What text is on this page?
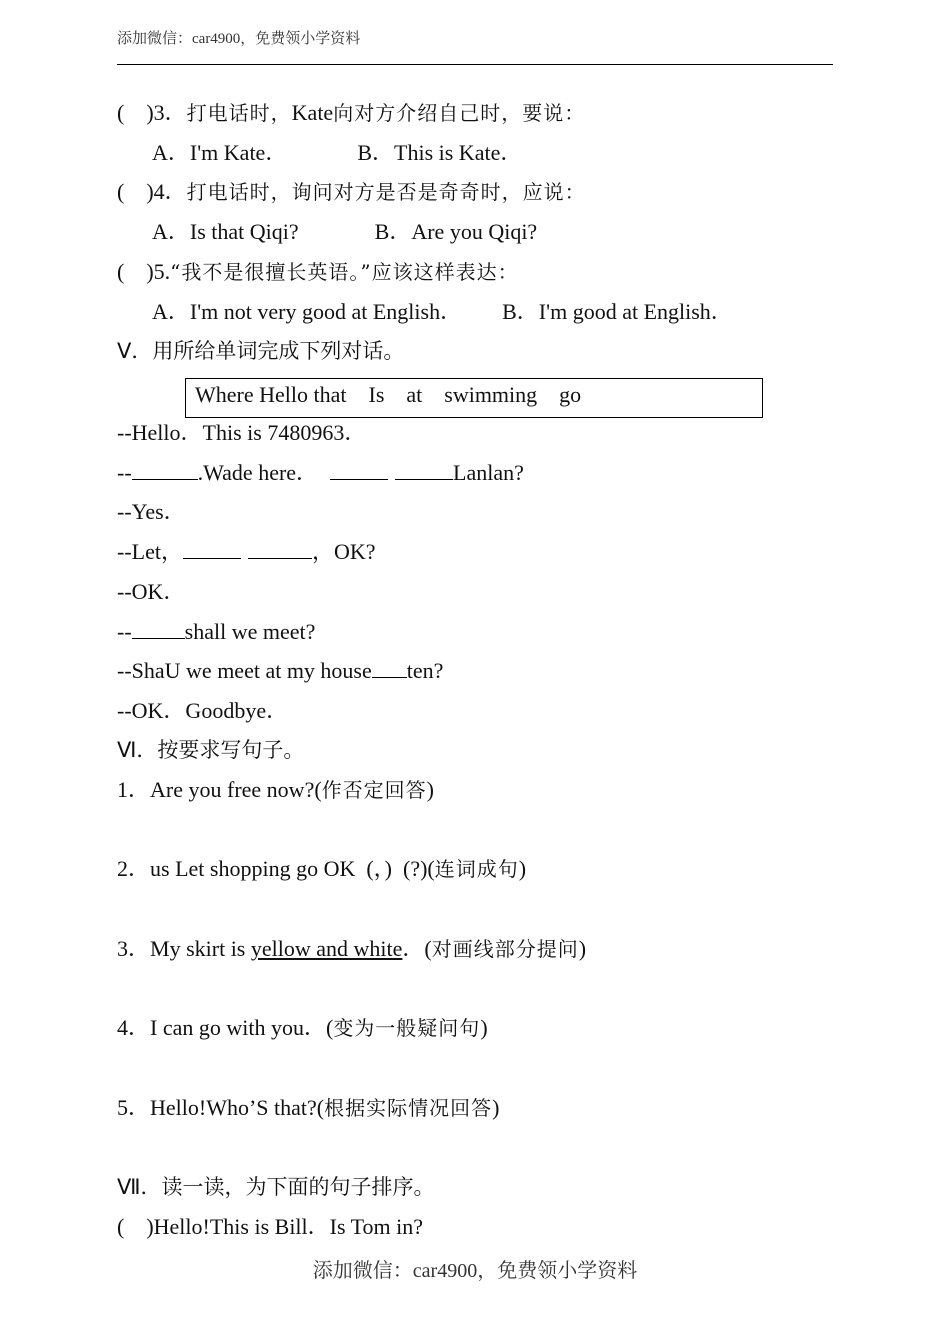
添加微信：car4900，免费领小学资料
(    )3．打电话时，Kate向对方介绍自己时，要说：
A．I'm Kate．	B．This is Kate．
(    )4．打电话时，询问对方是否是奇奇时，应说：
A．Is that Qiqi?	B．Are you Qiqi?
(    )5.“我不是很擅长英语。”应该这样表达：
A．I'm not very good at English． B．I'm good at English．
V．用所给单词完成下列对话。
Where Hello that    Is    at    swimming    go
--Hello．This is 7480963．
--	.Wade here．	Lanlan?
--Yes．
--Let，	，OK?
--OK．
-- shall we meet?
--ShaU we meet at my house ten?
--OK．Goodbye．
Ⅵ．按要求写句子。
1．Are you free now?(作否定回答)
2．us Let shopping go OK  (，)  (?)(连词成句)
3．My skirt is yellow and white．(对画线部分提问)
4．I can go with you．(变为一般疑问句)
5．Hello!Who’S that?(根据实际情况回答)
Ⅶ．读一读，为下面的句子排序。
(    )Hello!This is Bill．Is Tom in?
添加微信：car4900，免费领小学资料
